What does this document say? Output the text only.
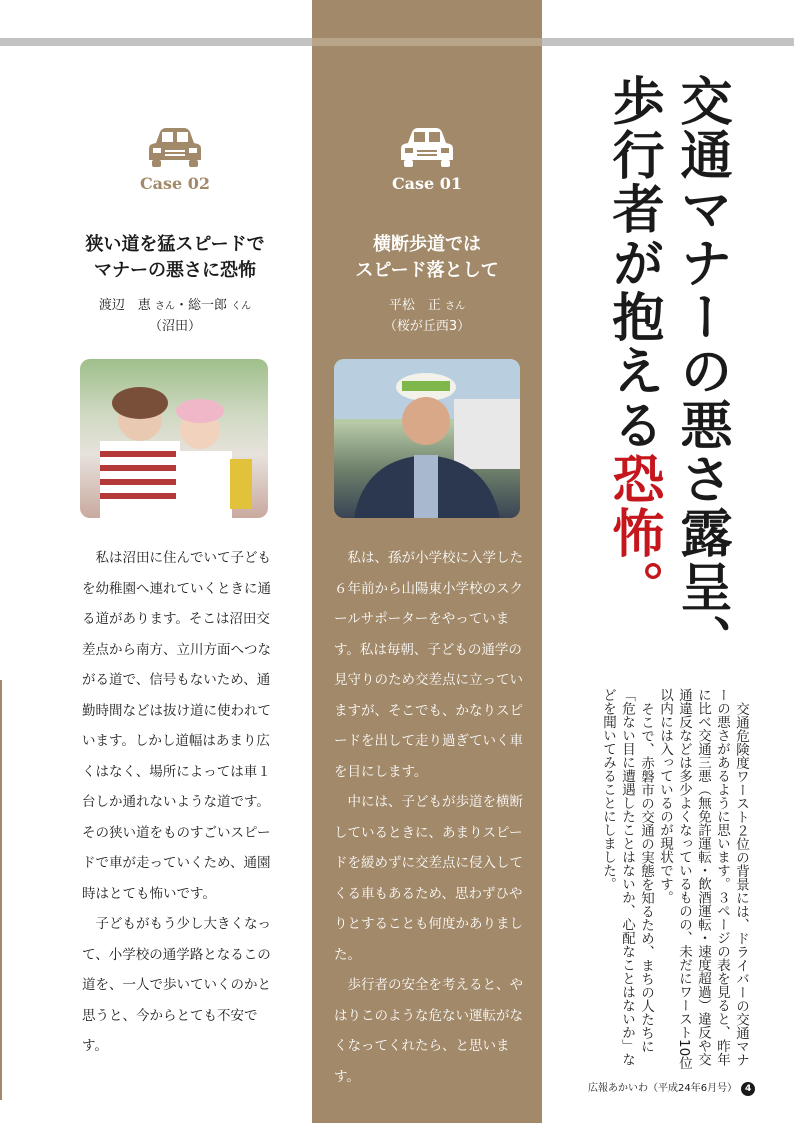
Case 02
狭い道を猛スピードで
マナーの悪さに恐怖
渡辺　恵 さん・総一郎 くん
（沼田）

私は沼田に住んでいて子どもを幼稚園へ連れていくときに通る道があります。そこは沼田交差点から南方、立川方面へつながる道で、信号もないため、通勤時間などは抜け道に使われています。しかし道幅はあまり広くはなく、場所によっては車１台しか通れないような道です。その狭い道をものすごいスピードで車が走っていくため、通園時はとても怖いです。

子どもがもう少し大きくなって、小学校の通学路となるこの道を、一人で歩いていくのかと思うと、今からとても不安です。

Case 01
横断歩道では
スピード落として
平松　正 さん
（桜が丘西3）

私は、孫が小学校に入学した６年前から山陽東小学校のスクールサポーターをやっています。私は毎朝、子どもの通学の見守りのため交差点に立っていますが、そこでも、かなりスピードを出して走り過ぎていく車を目にします。

中には、子どもが歩道を横断しているときに、あまりスピードを緩めずに交差点に侵入してくる車もあるため、思わずひやりとすることも何度かありました。

歩行者の安全を考えると、やはりこのような危ない運転がなくなってくれたら、と思います。

交通マナーの悪さ露呈、
歩行者が抱える恐怖。

交通危険度ワースト２位の背景には、ドライバーの交通マナーの悪さがあるように思います。３ページの表を見ると、昨年に比べ交通三悪（無免許運転・飲酒運転・速度超過）違反や交通違反などは多少よくなっているものの、未だにワースト10位以内には入っているのが現状です。

そこで、赤磐市の交通の実態を知るため、まちの人たちに「危ない目に遭遇したことはないか、心配なことはないか」などを聞いてみることにしました。

広報あかいわ（平成24年6月号） 4
